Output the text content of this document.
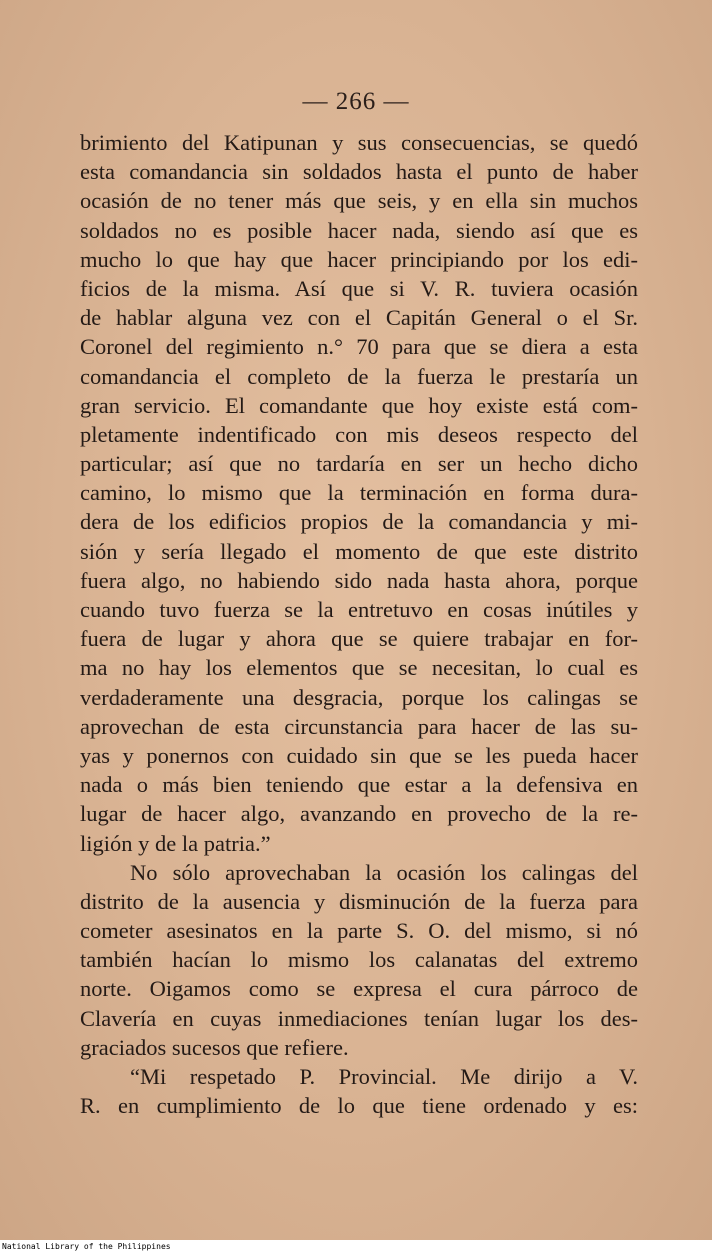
— 266 —
brimiento del Katipunan y sus consecuencias, se quedó
esta comandancia sin soldados hasta el punto de haber
ocasión de no tener más que seis, y en ella sin muchos
soldados no es posible hacer nada, siendo así que es
mucho lo que hay que hacer principiando por los edi-
ficios de la misma. Así que si V. R. tuviera ocasión
de hablar alguna vez con el Capitán General o el Sr.
Coronel del regimiento n.° 70 para que se diera a esta
comandancia el completo de la fuerza le prestaría un
gran servicio. El comandante que hoy existe está com-
pletamente indentificado con mis deseos respecto del
particular; así que no tardaría en ser un hecho dicho
camino, lo mismo que la terminación en forma dura-
dera de los edificios propios de la comandancia y mi-
sión y sería llegado el momento de que este distrito
fuera algo, no habiendo sido nada hasta ahora, porque
cuando tuvo fuerza se la entretuvo en cosas inútiles y
fuera de lugar y ahora que se quiere trabajar en for-
ma no hay los elementos que se necesitan, lo cual es
verdaderamente una desgracia, porque los calingas se
aprovechan de esta circunstancia para hacer de las su-
yas y ponernos con cuidado sin que se les pueda hacer
nada o más bien teniendo que estar a la defensiva en
lugar de hacer algo, avanzando en provecho de la re-
ligión y de la patria.”
No sólo aprovechaban la ocasión los calingas del
distrito de la ausencia y disminución de la fuerza para
cometer asesinatos en la parte S. O. del mismo, si nó
también hacían lo mismo los calanatas del extremo
norte. Oigamos como se expresa el cura párroco de
Clavería en cuyas inmediaciones tenían lugar los des-
graciados sucesos que refiere.
“Mi respetado P. Provincial. Me dirijo a V.
R. en cumplimiento de lo que tiene ordenado y es:
National Library of the Philippines
